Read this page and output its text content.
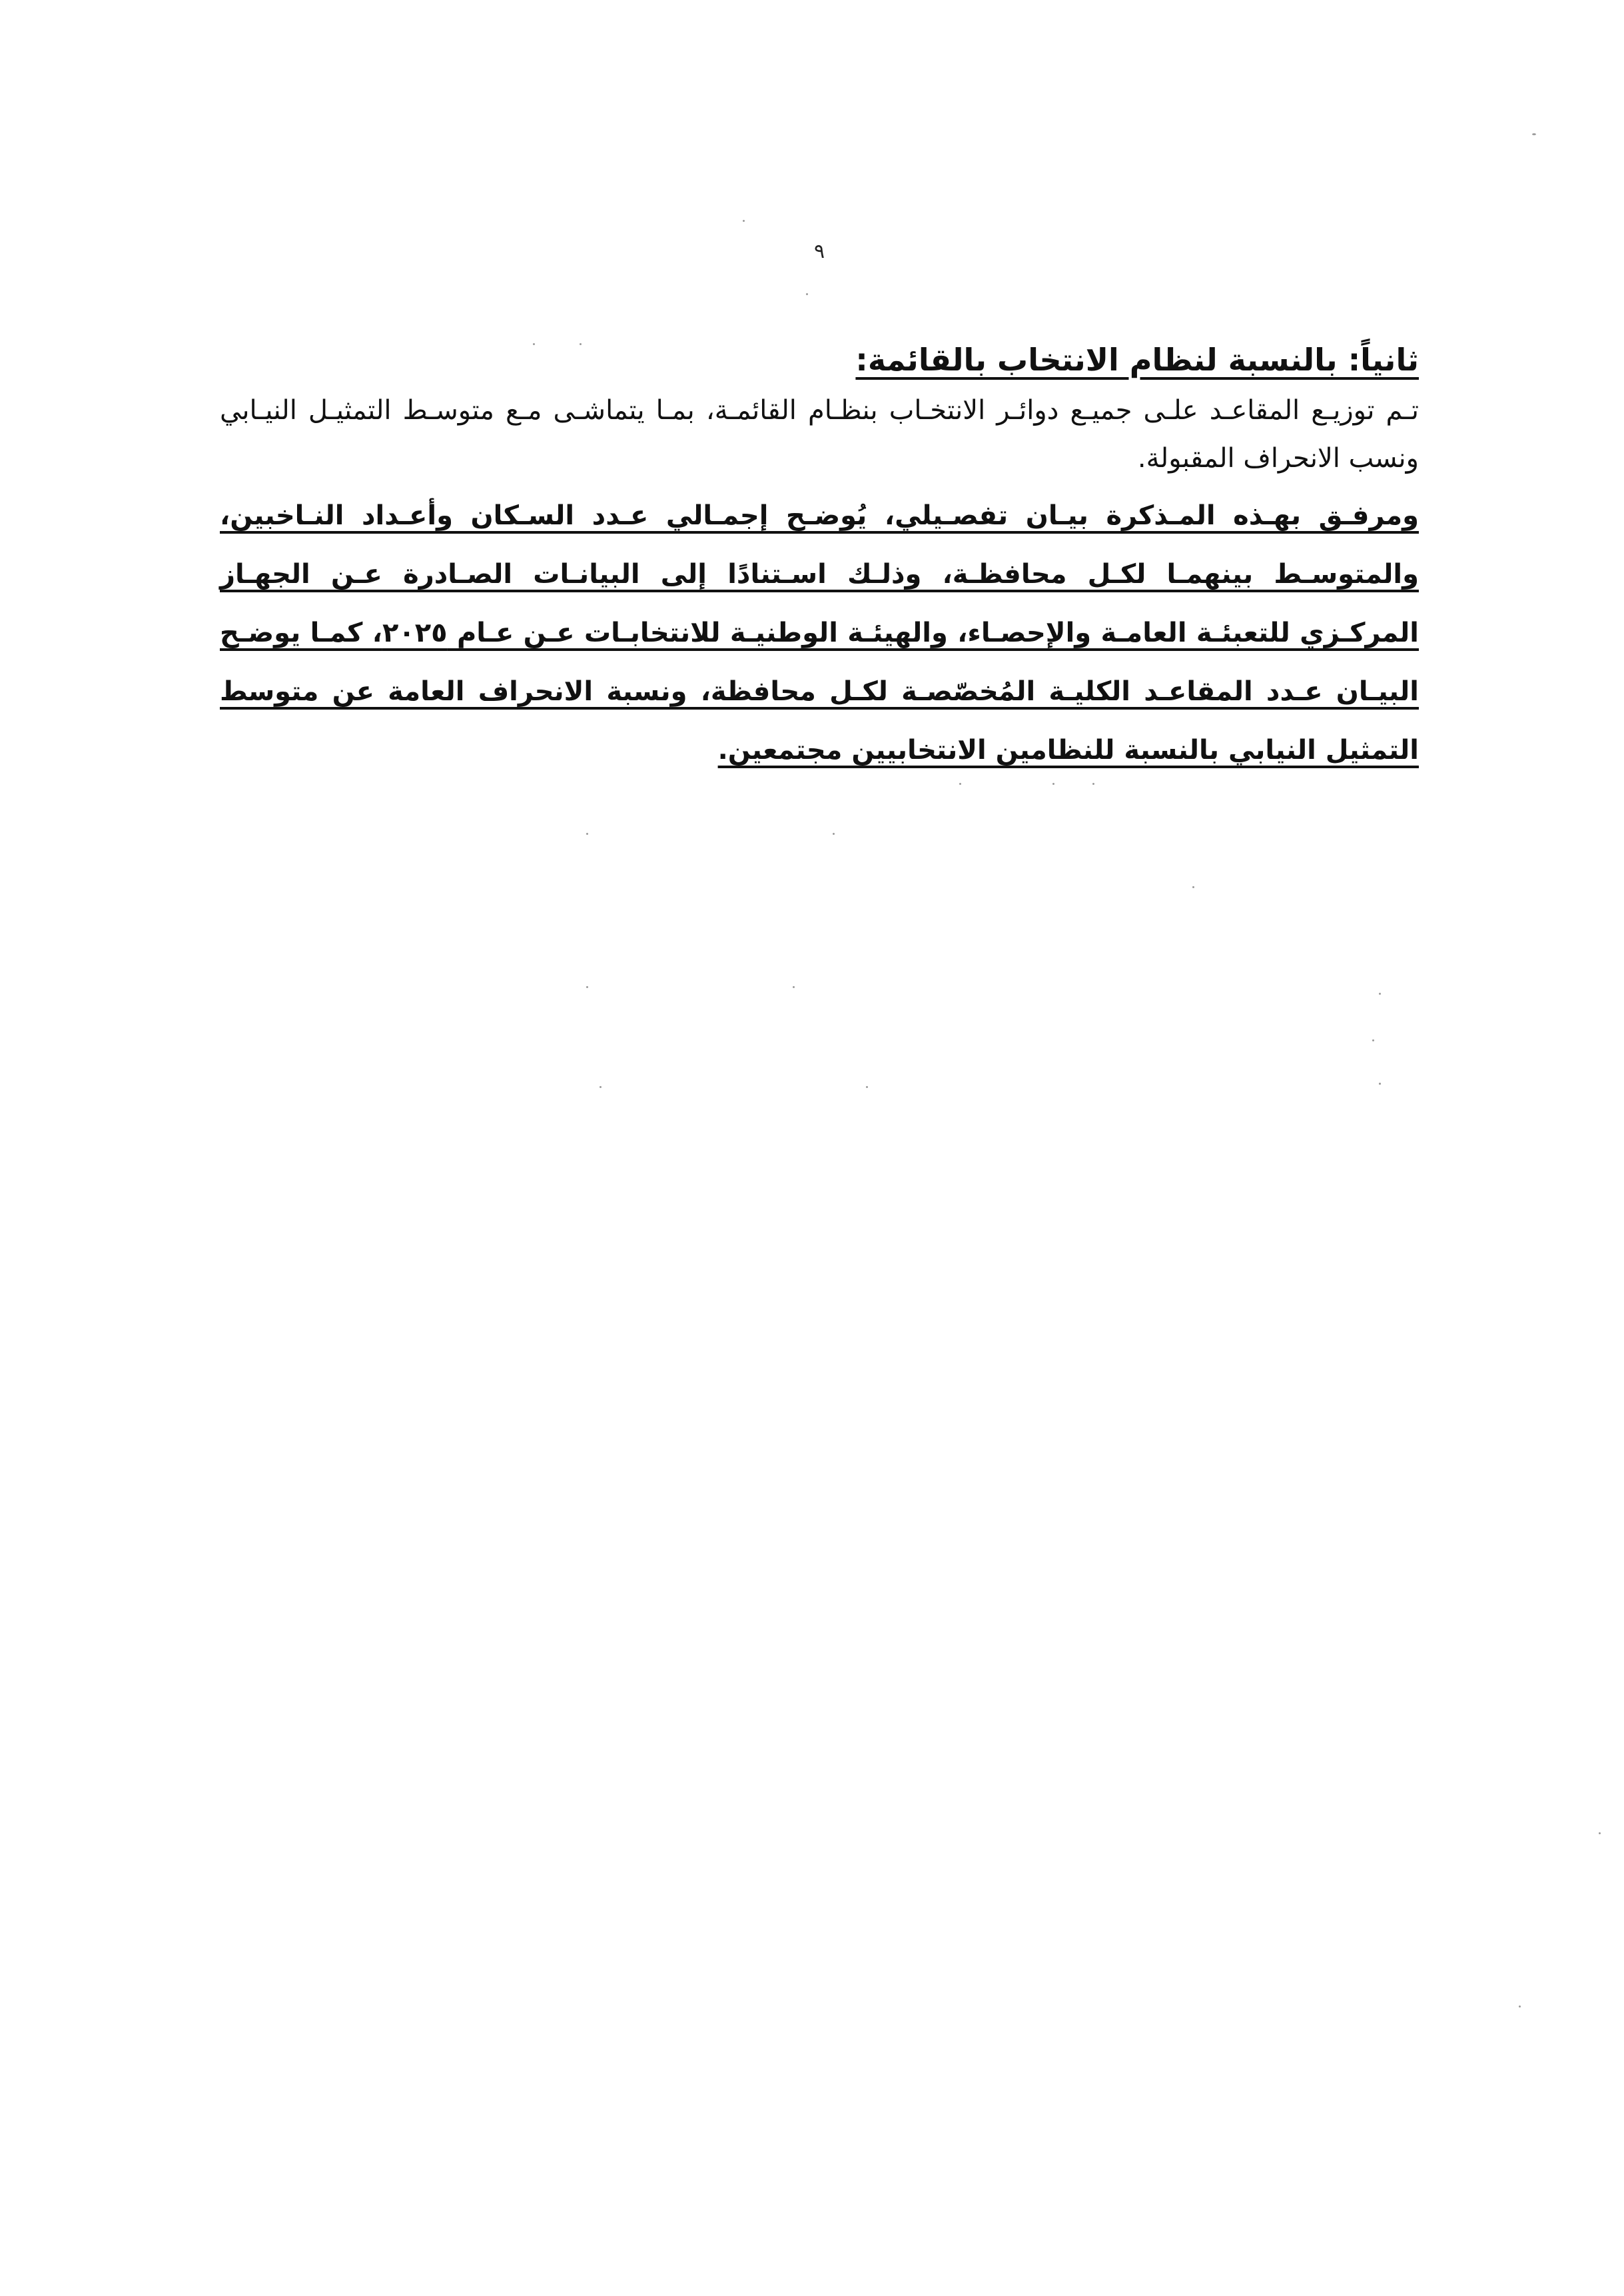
٩

ثانياً: بالنسبة لنظام الانتخاب بالقائمة:

تـم توزيـع المقاعـد علـى جميـع دوائـر الانتخـاب بنظـام القائمـة، بمـا يتماشـى مـع متوسـط التمثيـل النيـابي ونسب الانحراف المقبولة.

ومرفـق بهـذه المـذكرة بيـان تفصـيلي، يُوضـح إجمـالي عـدد السـكان وأعـداد النـاخبين، والمتوسـط بينهمـا لكـل محافظـة، وذلـك اسـتنادًا إلى البيانـات الصـادرة عـن الجهـاز المركـزي للتعبئـة العامـة والإحصـاء، والهيئـة الوطنيـة للانتخابـات عـن عـام ٢٠٢٥، كمـا يوضـح البيـان عـدد المقاعـد الكليـة المُخصّصـة لكـل محافظة، ونسبة الانحراف العامة عن متوسط التمثيل النيابي بالنسبة للنظامين الانتخابيين مجتمعين.
